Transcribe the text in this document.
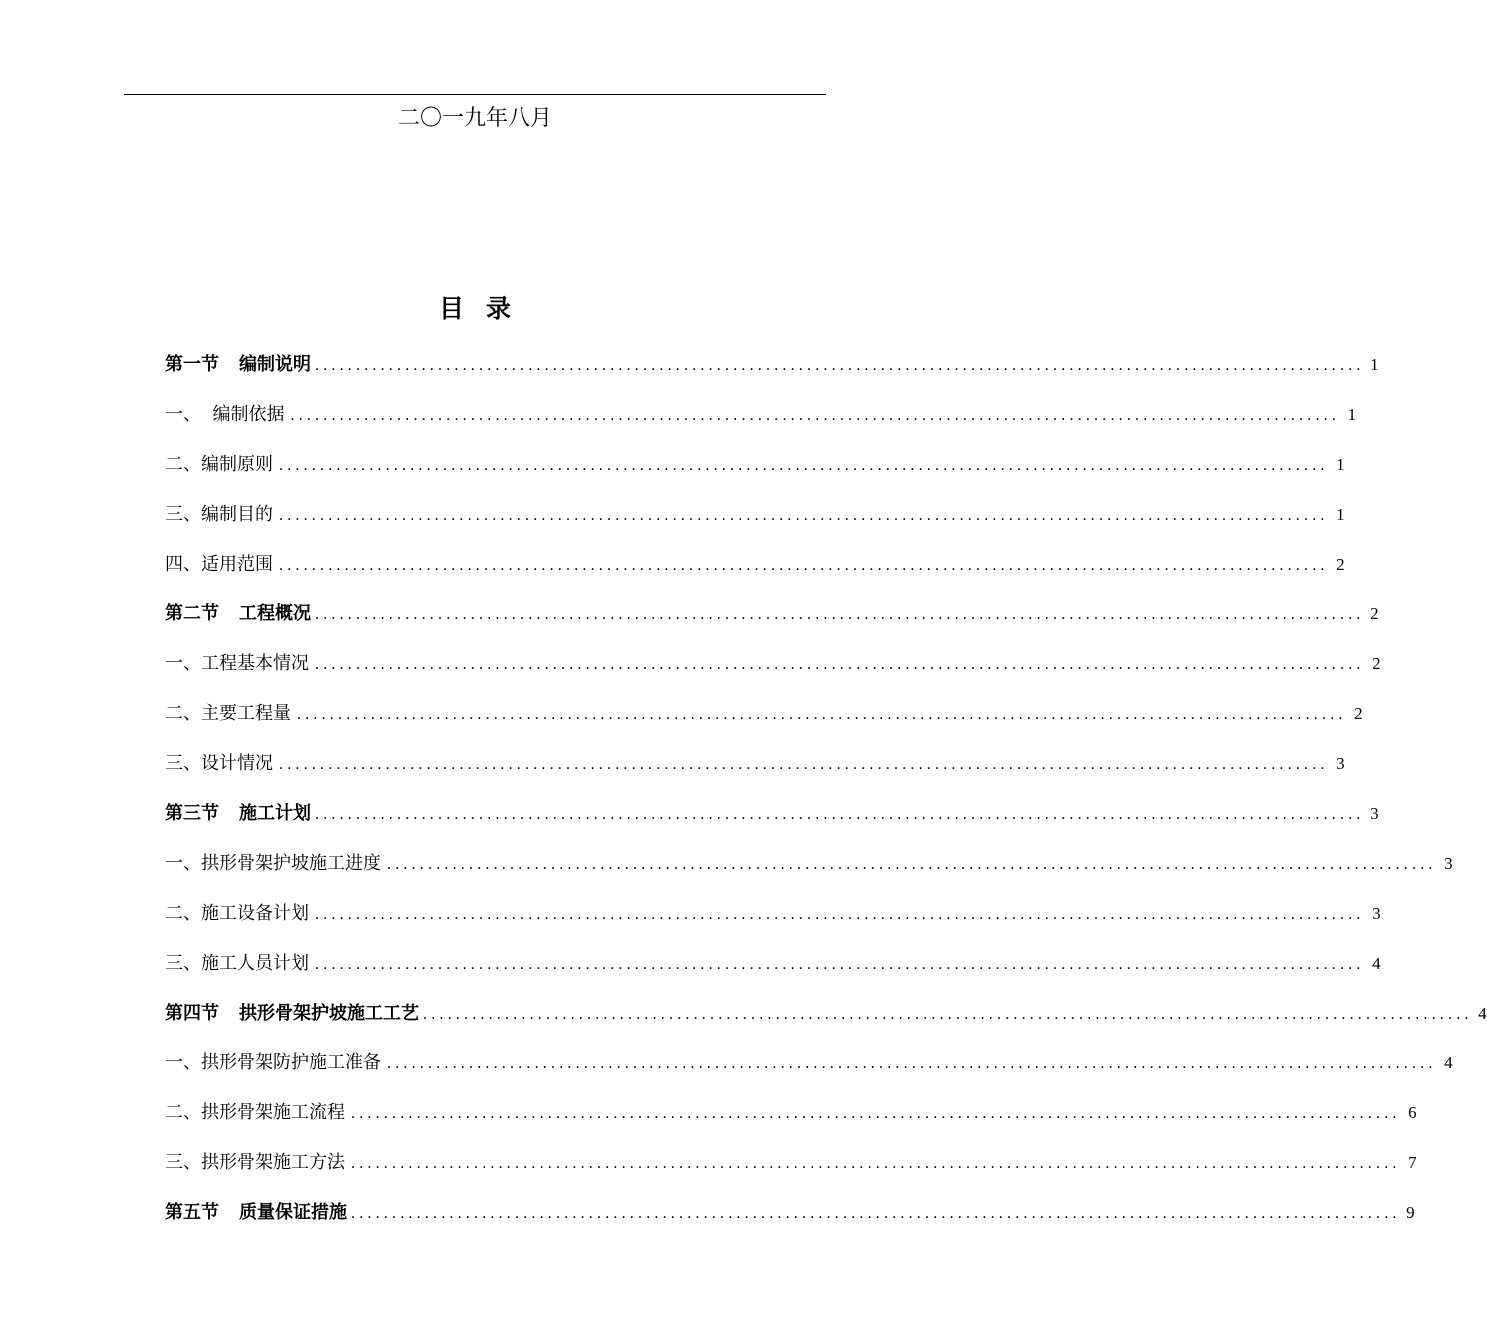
二〇一九年八月
目录
第一节 编制说明 ................................................................................................................................ 1
一、  编制依据 ................................................................................................................................ 1
二、编制原则 ................................................................................................................................ 1
三、编制目的 ................................................................................................................................ 1
四、适用范围 ................................................................................................................................ 2
第二节 工程概况 ................................................................................................................................ 2
一、工程基本情况 ................................................................................................................................ 2
二、主要工程量 ................................................................................................................................ 2
三、设计情况 ................................................................................................................................ 3
第三节 施工计划 ................................................................................................................................ 3
一、拱形骨架护坡施工进度 ................................................................................................................................ 3
二、施工设备计划 ................................................................................................................................ 3
三、施工人员计划 ................................................................................................................................ 4
第四节 拱形骨架护坡施工工艺 ................................................................................................................................ 4
一、拱形骨架防护施工准备 ................................................................................................................................ 4
二、拱形骨架施工流程 ................................................................................................................................ 6
三、拱形骨架施工方法 ................................................................................................................................ 7
第五节 质量保证措施 ................................................................................................................................ 9
